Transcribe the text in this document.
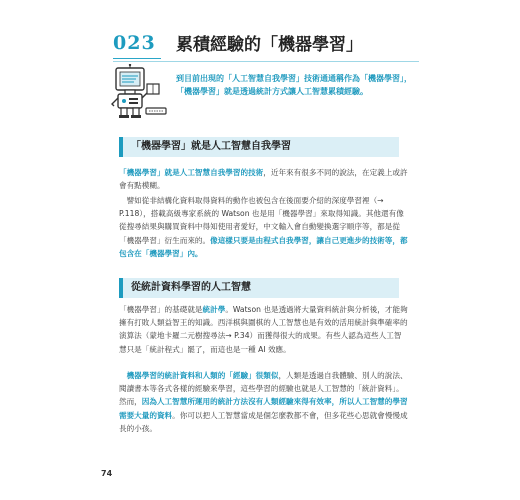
023	累積經驗的「機器學習」
到目前出現的「人工智慧自我學習」技術通通稱作為「機器學習」，「機器學習」就是透過統計方式讓人工智慧累積經驗。
「機器學習」就是人工智慧自我學習
「機器學習」就是人工智慧自我學習的技術，近年來有很多不同的說法，在定義上或許會有點模糊。
　譬如從非結構化資料取得資料的動作也被包含在後面要介紹的深度學習裡（→ P.118），搭載高級專家系統的 Watson 也是用「機器學習」來取得知識。其他還有像從搜尋結果與購買資料中得知使用者愛好，中文輸入會自動變換選字順序等，都是從「機器學習」衍生而來的。像這樣只要是由程式自我學習，讓自己更進步的技術等，都包含在「機器學習」內。
從統計資料學習的人工智慧
「機器學習」的基礎就是統計學。Watson 也是透過將大量資料統計與分析後，才能夠擁有打敗人類益智王的知識。西洋棋與圍棋的人工智慧也是有效的活用統計與準確率的演算法（蒙地卡羅二元樹搜尋法→ P.34）而獲得很大的成果。有些人認為這些人工智慧只是「統計程式」罷了，而這也是一種 AI 效應。
　機器學習的統計資料和人類的「經驗」很類似，人類是透過自我體驗、別人的說法、閱讀書本等各式各樣的經驗來學習，這些學習的經驗也就是人工智慧的「統計資料」。然而，因為人工智慧所運用的統計方法沒有人類經驗來得有效率，所以人工智慧的學習需要大量的資料。你可以把人工智慧當成是個怎麼教都不會，但多花些心思就會慢慢成長的小孩。
74
